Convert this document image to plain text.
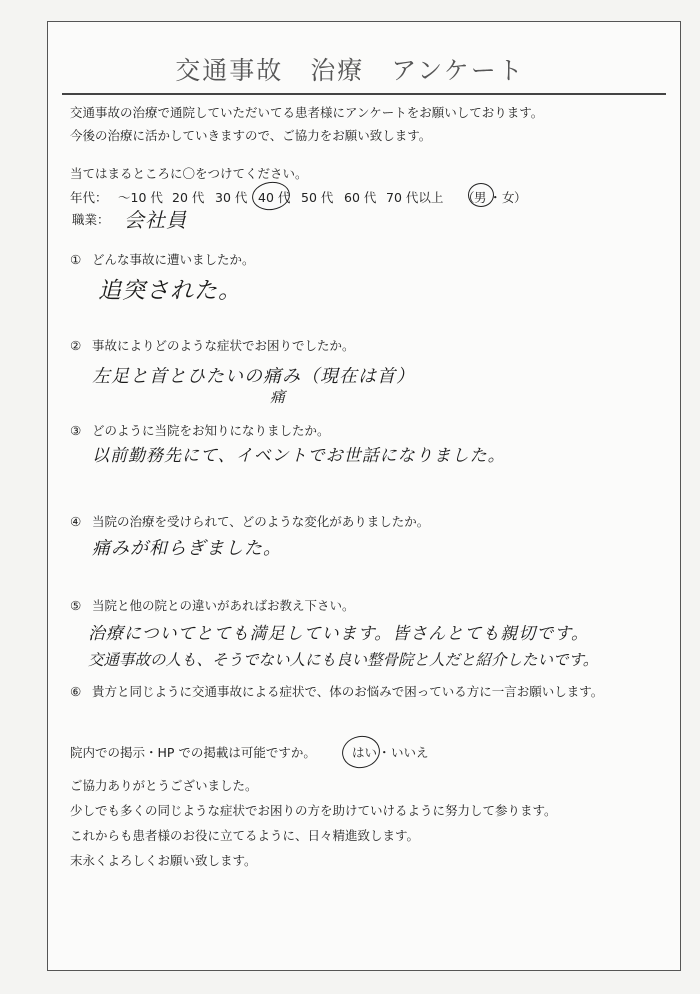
交通事故　治療　アンケート
交通事故の治療で通院していただいてる患者様にアンケートをお願いしております。
今後の治療に活かしていきますので、ご協力をお願い致します。
当てはまるところに〇をつけてください。
年代： ～10 代 20 代 30 代 40 代 50 代 60 代 70 代以上 （ 男 ・ 女 ）
職業： 会社員
① どんな事故に遭いましたか。
追突された。
② 事故によりどのような症状でお困りでしたか。
左足と首とひたいの痛み（現在は首）
痛
③ どのように当院をお知りになりましたか。
以前勤務先にて、イベントでお世話になりました。
④ 当院の治療を受けられて、どのような変化がありましたか。
痛みが和らぎました。
⑤ 当院と他の院との違いがあればお教え下さい。
治療についてとても満足しています。皆さんとても親切です。
交通事故の人も、そうでない人にも良い整骨院と人だと紹介したいです。
⑥ 貴方と同じように交通事故による症状で、体のお悩みで困っている方に一言お願いします。
院内での掲示・HP での掲載は可能ですか。	はい ・ いいえ
ご協力ありがとうございました。
少しでも多くの同じような症状でお困りの方を助けていけるように努力して参ります。
これからも患者様のお役に立てるように、日々精進致します。
末永くよろしくお願い致します。
